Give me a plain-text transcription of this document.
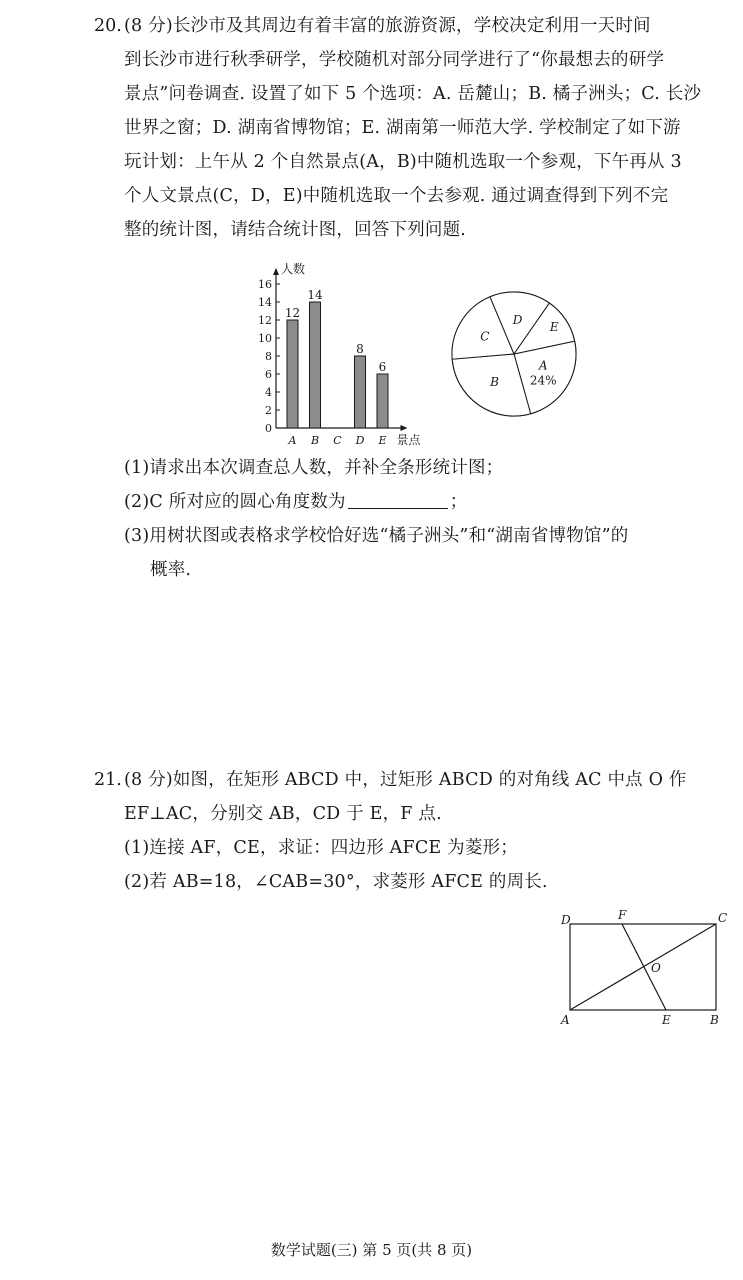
20. (8 分)长沙市及其周边有着丰富的旅游资源，学校决定利用一天时间
到长沙市进行秋季研学，学校随机对部分同学进行了“你最想去的研学
景点”问卷调查. 设置了如下 5 个选项：A. 岳麓山；B. 橘子洲头；C. 长沙
世界之窗；D. 湖南省博物馆；E. 湖南第一师范大学. 学校制定了如下游
玩计划：上午从 2 个自然景点(A，B)中随机选取一个参观，下午再从 3
个人文景点(C，D，E)中随机选取一个去参观. 通过调查得到下列不完
整的统计图，请结合统计图，回答下列问题.
人数
景点
0
2
4
6
8
10
12
14
16
A B C D E
12
14
8
6	A
24%
B
C
D
E
(1)请求出本次调查总人数，并补全条形统计图；
(2)C 所对应的圆心角度数为	；
(3)用树状图或表格求学校恰好选“橘子洲头”和“湖南省博物馆”的
概率.
21. (8 分)如图，在矩形 ABCD 中，过矩形 ABCD 的对角线 AC 中点 O 作
EF⊥AC，分别交 AB，CD 于 E，F 点.
(1)连接 AF，CE，求证：四边形 AFCE 为菱形；
(2)若 AB=18，∠CAB=30°，求菱形 AFCE 的周长.
D	F	C
O
A	E	B
数学试题(三) 第 5 页(共 8 页)
